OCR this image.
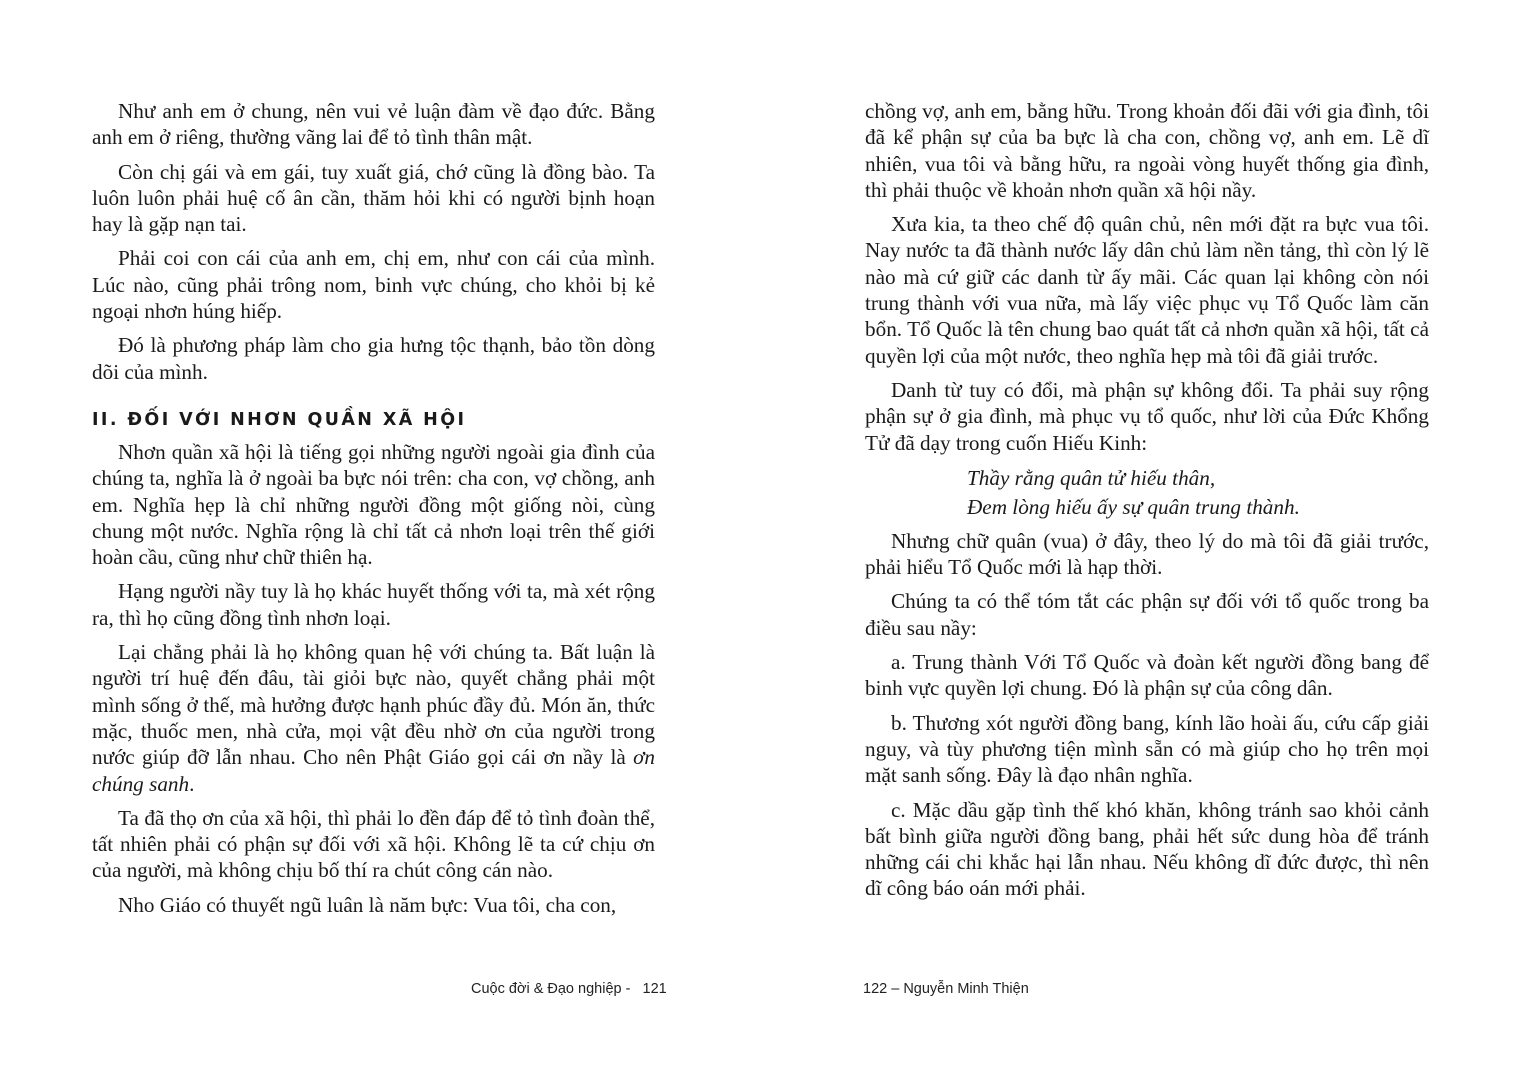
Như anh em ở chung, nên vui vẻ luận đàm về đạo đức. Bằng anh em ở riêng, thường vãng lai để tỏ tình thân mật.

Còn chị gái và em gái, tuy xuất giá, chớ cũng là đồng bào. Ta luôn luôn phải huệ cố ân cần, thăm hỏi khi có người bịnh hoạn hay là gặp nạn tai.

Phải coi con cái của anh em, chị em, như con cái của mình. Lúc nào, cũng phải trông nom, binh vực chúng, cho khỏi bị kẻ ngoại nhơn húng hiếp.

Đó là phương pháp làm cho gia hưng tộc thạnh, bảo tồn dòng dõi của mình.

II. ĐỐI VỚI NHƠN QUẦN XÃ HỘI

Nhơn quần xã hội là tiếng gọi những người ngoài gia đình của chúng ta, nghĩa là ở ngoài ba bực nói trên: cha con, vợ chồng, anh em. Nghĩa hẹp là chỉ những người đồng một giống nòi, cùng chung một nước. Nghĩa rộng là chỉ tất cả nhơn loại trên thế giới hoàn cầu, cũng như chữ thiên hạ.

Hạng người nầy tuy là họ khác huyết thống với ta, mà xét rộng ra, thì họ cũng đồng tình nhơn loại.

Lại chẳng phải là họ không quan hệ với chúng ta. Bất luận là người trí huệ đến đâu, tài giỏi bực nào, quyết chẳng phải một mình sống ở thế, mà hưởng được hạnh phúc đầy đủ. Món ăn, thức mặc, thuốc men, nhà cửa, mọi vật đều nhờ ơn của người trong nước giúp đỡ lẫn nhau. Cho nên Phật Giáo gọi cái ơn nầy là ơn chúng sanh.

Ta đã thọ ơn của xã hội, thì phải lo đền đáp để tỏ tình đoàn thể, tất nhiên phải có phận sự đối với xã hội. Không lẽ ta cứ chịu ơn của người, mà không chịu bố thí ra chút công cán nào.

Nho Giáo có thuyết ngũ luân là năm bực: Vua tôi, cha con,

Cuộc đời & Đạo nghiệp -   121

chồng vợ, anh em, bằng hữu. Trong khoản đối đãi với gia đình, tôi đã kể phận sự của ba bực là cha con, chồng vợ, anh em. Lẽ dĩ nhiên, vua tôi và bằng hữu, ra ngoài vòng huyết thống gia đình, thì phải thuộc về khoản nhơn quần xã hội nầy.

Xưa kia, ta theo chế độ quân chủ, nên mới đặt ra bực vua tôi. Nay nước ta đã thành nước lấy dân chủ làm nền tảng, thì còn lý lẽ nào mà cứ giữ các danh từ ấy mãi. Các quan lại không còn nói trung thành với vua nữa, mà lấy việc phục vụ Tổ Quốc làm căn bổn. Tổ Quốc là tên chung bao quát tất cả nhơn quần xã hội, tất cả quyền lợi của một nước, theo nghĩa hẹp mà tôi đã giải trước.

Danh từ tuy có đổi, mà phận sự không đổi. Ta phải suy rộng phận sự ở gia đình, mà phục vụ tổ quốc, như lời của Đức Khổng Tử đã dạy trong cuốn Hiếu Kinh:

Thầy rằng quân tử hiếu thân,
Đem lòng hiếu ấy sự quân trung thành.

Nhưng chữ quân (vua) ở đây, theo lý do mà tôi đã giải trước, phải hiểu Tổ Quốc mới là hạp thời.

Chúng ta có thể tóm tắt các phận sự đối với tổ quốc trong ba điều sau nầy:

a. Trung thành Với Tổ Quốc và đoàn kết người đồng bang để binh vực quyền lợi chung. Đó là phận sự của công dân.

b. Thương xót người đồng bang, kính lão hoài ấu, cứu cấp giải nguy, và tùy phương tiện mình sẵn có mà giúp cho họ trên mọi mặt sanh sống. Đây là đạo nhân nghĩa.

c. Mặc dầu gặp tình thế khó khăn, không tránh sao khỏi cảnh bất bình giữa người đồng bang, phải hết sức dung hòa để tránh những cái chi khắc hại lẫn nhau. Nếu không dĩ đức được, thì nên dĩ công báo oán mới phải.

122 – Nguyễn Minh Thiện
